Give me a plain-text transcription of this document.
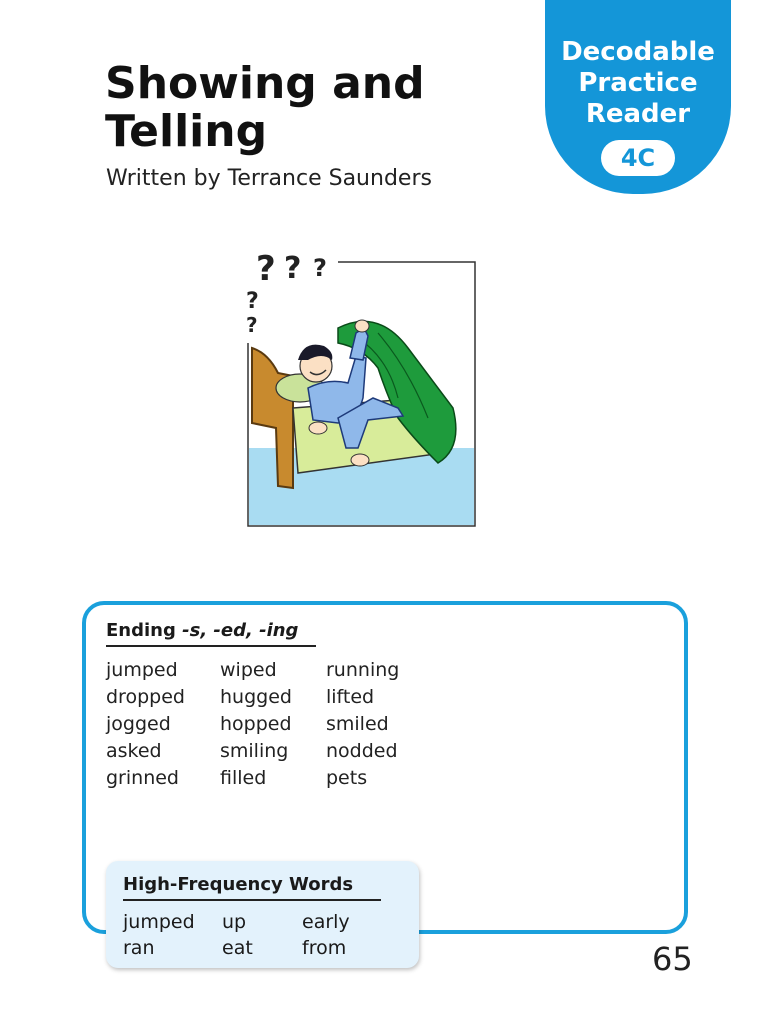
Decodable
Practice
Reader
4C
Showing and
Telling
Written by Terrance Saunders
? ? ?
?
?
Ending -s, -ed, -ing
jumped
dropped
jogged
asked
grinned
wiped
hugged
hopped
smiling
filled
running
lifted
smiled
nodded
pets
High-Frequency Words
jumped
ran
up
eat
early
from	65
